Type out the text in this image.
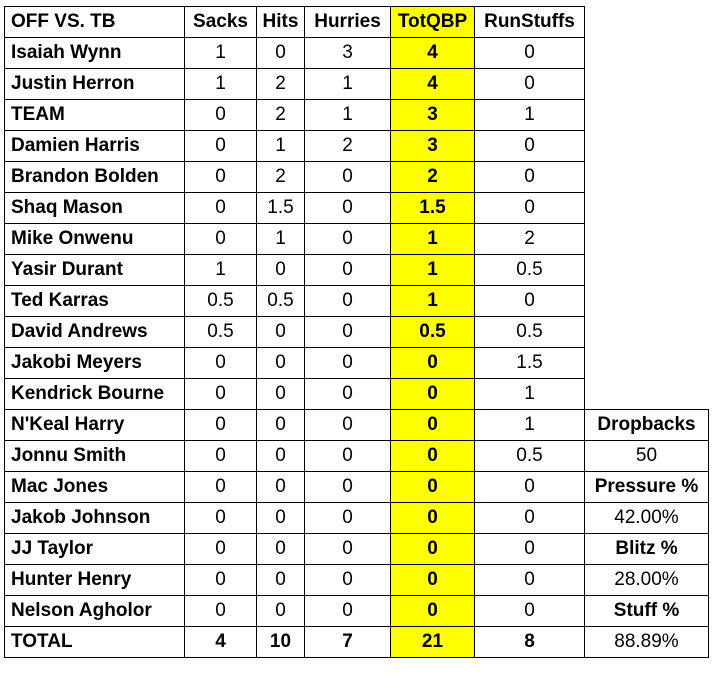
OFF VS. TB	Sacks	Hits	Hurries	TotQBP	RunStuffs	
Isaiah Wynn	1	0	3	4	0	
Justin Herron	1	2	1	4	0	
TEAM	0	2	1	3	1	
Damien Harris	0	1	2	3	0	
Brandon Bolden	0	2	0	2	0	
Shaq Mason	0	1.5	0	1.5	0	
Mike Onwenu	0	1	0	1	2	
Yasir Durant	1	0	0	1	0.5	
Ted Karras	0.5	0.5	0	1	0	
David Andrews	0.5	0	0	0.5	0.5	
Jakobi Meyers	0	0	0	0	1.5	
Kendrick Bourne	0	0	0	0	1	
N'Keal Harry	0	0	0	0	1	Dropbacks
Jonnu Smith	0	0	0	0	0.5	50
Mac Jones	0	0	0	0	0	Pressure %
Jakob Johnson	0	0	0	0	0	42.00%
JJ Taylor	0	0	0	0	0	Blitz %
Hunter Henry	0	0	0	0	0	28.00%
Nelson Agholor	0	0	0	0	0	Stuff %
TOTAL	4	10	7	21	8	88.89%
